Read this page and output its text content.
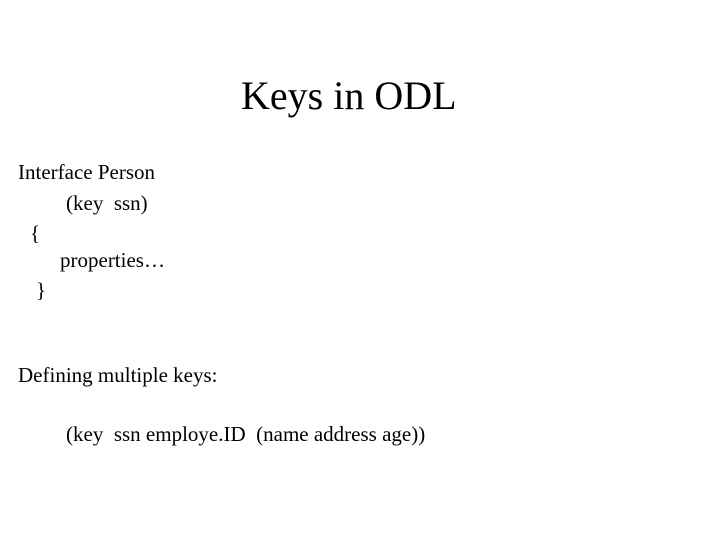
Keys in ODL
Interface Person
(key  ssn)
{
properties…
}
Defining multiple keys:
(key  ssn employe.ID  (name address age))
